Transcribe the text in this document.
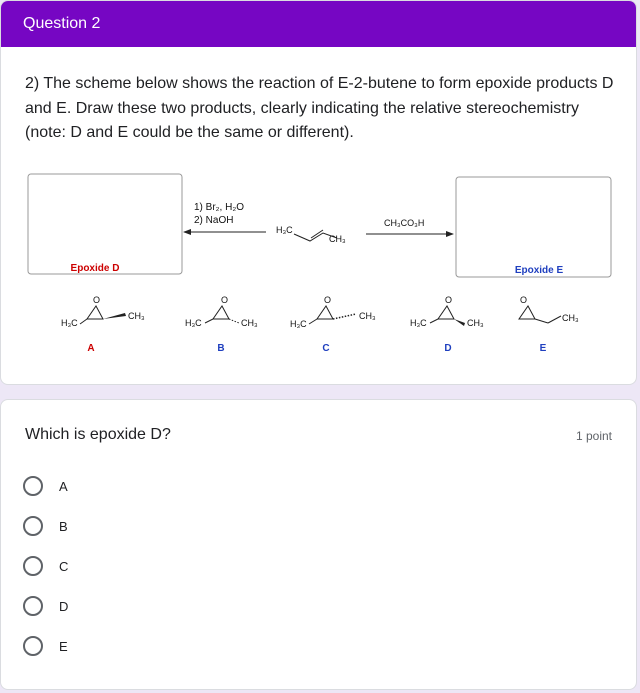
Question 2
2) The scheme below shows the reaction of E-2-butene to form epoxide products D and E. Draw these two products, clearly indicating the relative stereochemistry (note: D and E could be the same or different).
Epoxide D	Epoxide E
1) Br₂, H₂O
2) NaOH
H₃C
CH₃
CH₃CO₃H
O
H₃C
CH₃
A
O
H₃C	CH₃
B
O
H₃C
CH₃
C
O
H₃C	CH₃
D
O
CH₃
E
Which is epoxide D?	1 point
A
B
C
D
E
